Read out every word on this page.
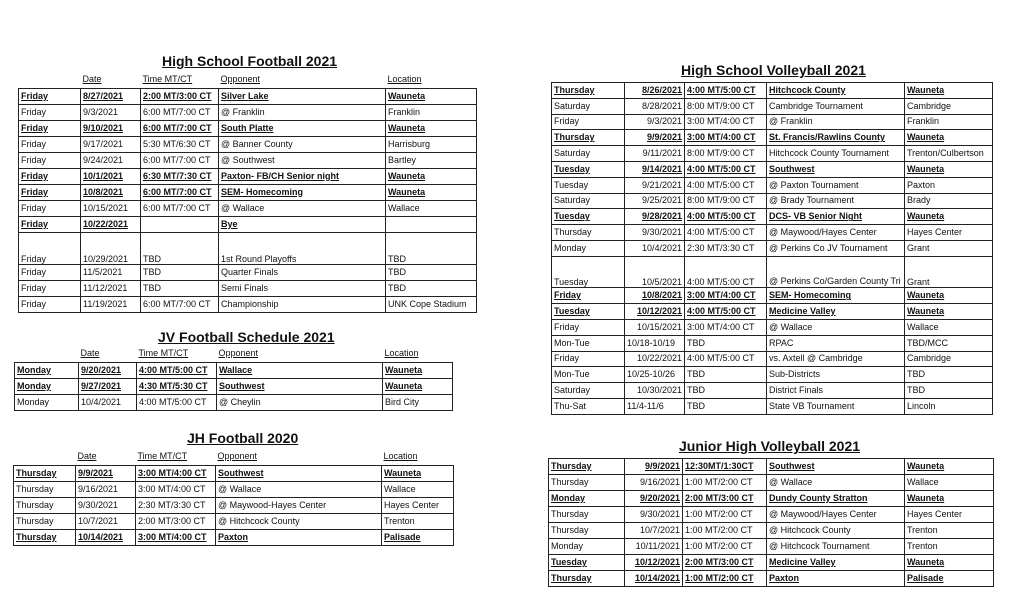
High School Football 2021
	Date	Time MT/CT	Opponent	Location
Friday	8/27/2021	2:00 MT/3:00 CT	Silver Lake	Wauneta
Friday	9/3/2021	6:00 MT/7:00 CT	@ Franklin	Franklin
Friday	9/10/2021	6:00 MT/7:00 CT	South Platte	Wauneta
Friday	9/17/2021	5:30 MT/6:30 CT	@ Banner County	Harrisburg
Friday	9/24/2021	6:00 MT/7:00 CT	@ Southwest	Bartley
Friday	10/1/2021	6:30 MT/7:30 CT	Paxton- FB/CH Senior night	Wauneta
Friday	10/8/2021	6:00 MT/7:00 CT	SEM- Homecoming	Wauneta
Friday	10/15/2021	6:00 MT/7:00 CT	@ Wallace	Wallace
Friday	10/22/2021		Bye	
Friday	10/29/2021	TBD	1st Round Playoffs	TBD
Friday	11/5/2021	TBD	Quarter Finals	TBD
Friday	11/12/2021	TBD	Semi Finals	TBD
Friday	11/19/2021	6:00 MT/7:00 CT	Championship	UNK Cope Stadium
JV Football Schedule 2021
	Date	Time MT/CT	Opponent	Location
Monday	9/20/2021	4:00 MT/5:00 CT	Wallace	Wauneta
Monday	9/27/2021	4:30 MT/5:30 CT	Southwest	Wauneta
Monday	10/4/2021	4:00 MT/5:00 CT	@ Cheylin	Bird City
JH Football 2020
	Date	Time MT/CT	Opponent	Location
Thursday	9/9/2021	3:00 MT/4:00 CT	Southwest	Wauneta
Thursday	9/16/2021	3:00 MT/4:00 CT	@ Wallace	Wallace
Thursday	9/30/2021	2:30 MT/3:30 CT	@ Maywood-Hayes Center	Hayes Center
Thursday	10/7/2021	2:00 MT/3:00 CT	@ Hitchcock County	Trenton
Thursday	10/14/2021	3:00 MT/4:00 CT	Paxton	Palisade
High School Volleyball 2021
Thursday	8/26/2021	4:00 MT/5:00 CT	Hitchcock County	Wauneta
Saturday	8/28/2021	8:00 MT/9:00 CT	Cambridge Tournament	Cambridge
Friday	9/3/2021	3:00 MT/4:00 CT	@ Franklin	Franklin
Thursday	9/9/2021	3:00 MT/4:00 CT	St. Francis/Rawlins County	Wauneta
Saturday	9/11/2021	8:00 MT/9:00 CT	Hitchcock County Tournament	Trenton/Culbertson
Tuesday	9/14/2021	4:00 MT/5:00 CT	Southwest	Wauneta
Tuesday	9/21/2021	4:00 MT/5:00 CT	@ Paxton Tournament	Paxton
Saturday	9/25/2021	8:00 MT/9:00 CT	@ Brady Tournament	Brady
Tuesday	9/28/2021	4:00 MT/5:00 CT	DCS- VB Senior Night	Wauneta
Thursday	9/30/2021	4:00 MT/5:00 CT	@ Maywood/Hayes Center	Hayes Center
Monday	10/4/2021	2:30 MT/3:30 CT	@ Perkins Co JV Tournament	Grant
Tuesday	10/5/2021	4:00 MT/5:00 CT	@ Perkins Co/Garden County Tri	Grant
Friday	10/8/2021	3:00 MT/4:00 CT	SEM- Homecoming	Wauneta
Tuesday	10/12/2021	4:00 MT/5:00 CT	Medicine Valley	Wauneta
Friday	10/15/2021	3:00 MT/4:00 CT	@ Wallace	Wallace
Mon-Tue	10/18-10/19	TBD	RPAC	TBD/MCC
Friday	10/22/2021	4:00 MT/5:00 CT	vs. Axtell @ Cambridge	Cambridge
Mon-Tue	10/25-10/26	TBD	Sub-Districts	TBD
Saturday	10/30/2021	TBD	District Finals	TBD
Thu-Sat	11/4-11/6	TBD	State VB Tournament	Lincoln
Junior High Volleyball 2021
Thursday	9/9/2021	12:30MT/1:30CT	Southwest	Wauneta
Thursday	9/16/2021	1:00 MT/2:00 CT	@ Wallace	Wallace
Monday	9/20/2021	2:00 MT/3:00 CT	Dundy County Stratton	Wauneta
Thursday	9/30/2021	1:00 MT/2:00 CT	@ Maywood/Hayes Center	Hayes Center
Thursday	10/7/2021	1:00 MT/2:00 CT	@ Hitchcock County	Trenton
Monday	10/11/2021	1:00 MT/2:00 CT	@ Hitchcock Tournament	Trenton
Tuesday	10/12/2021	2:00 MT/3:00 CT	Medicine Valley	Wauneta
Thursday	10/14/2021	1:00 MT/2:00 CT	Paxton	Palisade
